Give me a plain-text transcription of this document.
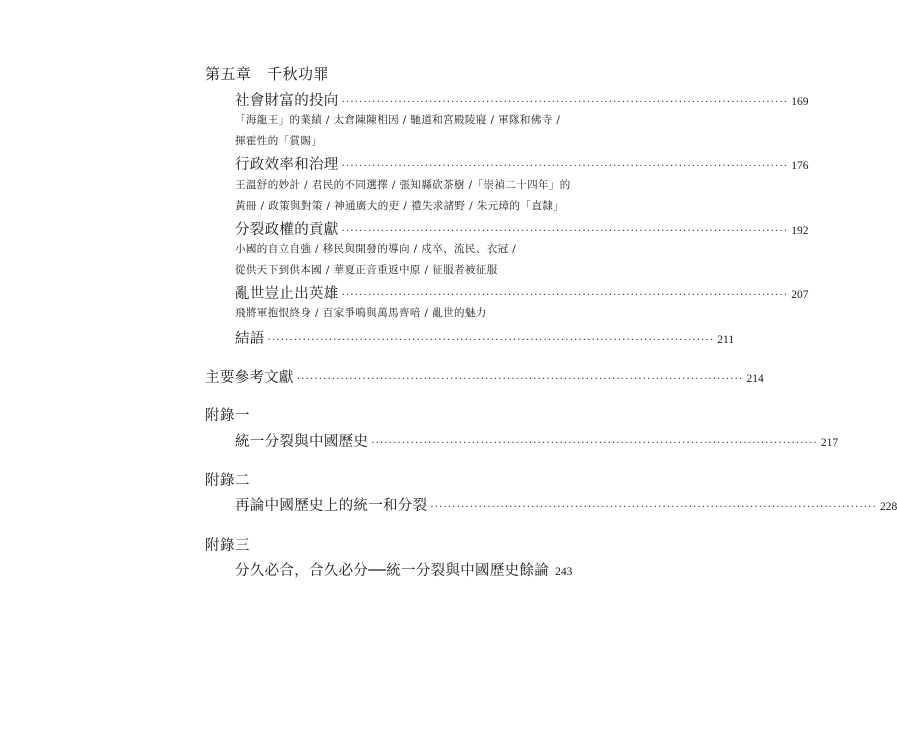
第五章　千秋功罪
社會財富的投向 ······································································································ 169
「海龍王」的業績 / 太倉陳陳相因 / 馳道和宮殿陵寢 / 軍隊和佛寺 /
揮霍性的「賞賜」
行政效率和治理 ······································································································ 176
王溫舒的妙計 / 君民的不同選擇 / 張知縣砍茶樹 /「崇禎二十四年」的
黃冊 / 政策與對策 / 神通廣大的吏 / 禮失求諸野 / 朱元璋的「直隸」
分裂政權的貢獻 ······································································································ 192
小國的自立自強 / 移民與開發的導向 / 戍卒、流民、衣冠 /
從供天下到供本國 / 華夏正音重返中原 / 征服者被征服
亂世豈止出英雄 ······································································································ 207
飛將軍抱恨終身 / 百家爭鳴與萬馬齊喑 / 亂世的魅力
結語 ······································································································ 211
主要參考文獻 ······································································································ 214
附錄一
統一分裂與中國歷史 ······································································································ 217
附錄二
再論中國歷史上的統一和分裂 ······································································································ 228
附錄三
分久必合，合久必分──統一分裂與中國歷史餘論 243
